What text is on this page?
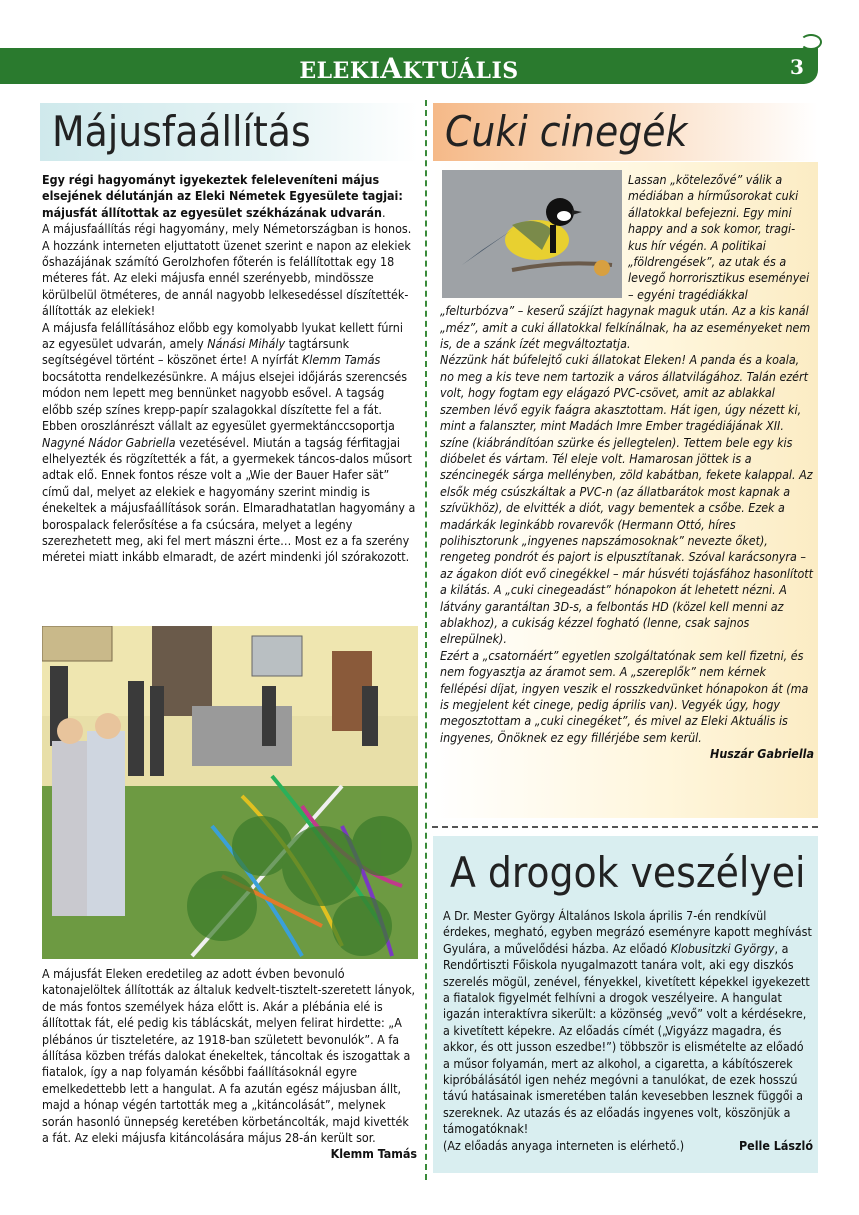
ELEKIAKTUÁLIS	3
Májusfaállítás

Egy régi hagyományt igyekeztek feleleveníteni május elsejének délutánján az Eleki Németek Egyesülete tagjai: májusfát állítottak az egyesület székházának udvarán.

A májusfaállítás régi hagyomány, mely Németországban is honos. A hozzánk interneten eljuttatott üzenet szerint e napon az elekiek őshazájának számító Gerolzhofen főterén is felállítottak egy 18 méteres fát. Az eleki májusfa ennél szerényebb, mindössze körülbelül ötméteres, de annál nagyobb lelkesedéssel díszítették- állították az elekiek!

A májusfa felállításához előbb egy komolyabb lyukat kellett fúrni az egyesület udvarán, amely Nánási Mihály tagtársunk segítségével történt – köszönet érte! A nyírfát Klemm Tamás bocsátotta rendelkezésünkre. A május elsejei időjárás szerencsés módon nem lepett meg bennünket nagyobb esővel. A tagság előbb szép színes krepp-papír szalagokkal díszítette fel a fát. Ebben oroszlánrészt vállalt az egyesület gyermektánccsoportja Nagyné Nádor Gabriella vezetésével. Miután a tagság férfitagjai elhelyezték és rögzítették a fát, a gyermekek táncos-dalos műsort adtak elő. Ennek fontos része volt a „Wie der Bauer Hafer sät” című dal, melyet az elekiek e hagyomány szerint mindig is énekeltek a májusfaállítások során. Elmaradhatatlan hagyomány a borospalack felerősítése a fa csúcsára, melyet a legény szerezhetett meg, aki fel mert mászni érte… Most ez a fa szerény méretei miatt inkább elmaradt, de azért mindenki jól szórakozott.

A májusfát Eleken eredetileg az adott évben bevonuló katonajelöltek állították az általuk kedvelt-tisztelt-szeretett lányok, de más fontos személyek háza előtt is. Akár a plébánia elé is állítottak fát, elé pedig kis táblácskát, melyen felirat hirdette: „A plébános úr tiszteletére, az 1918-ban született bevonulók”. A fa állítása közben tréfás dalokat énekeltek, táncoltak és iszogattak a fiatalok, így a nap folyamán későbbi faállításoknál egyre emelkedettebb lett a hangulat. A fa azután egész májusban állt, majd a hónap végén tartották meg a „kitáncolását”, melynek során hasonló ünnepség keretében körbetáncolták, majd kivették a fát. Az eleki májusfa kitáncolására május 28-án került sor.
Klemm Tamás

Cuki cinegék

Lassan „kötelezővé” válik a médiában a hírműsorokat cuki állatokkal befejezni. Egy mini happy and a sok komor, tragi- kus hír végén. A politikai „földrengések”, az utak és a levegő horrorisztikus eseményei – egyéni tragédiákkal „felturbózva” – keserű szájízt hagynak maguk után. Az a kis kanál „méz”, amit a cuki állatokkal felkínálnak, ha az eseményeket nem is, de a szánk ízét megváltoztatja.

Nézzünk hát búfelejtő cuki állatokat Eleken! A panda és a koala, no meg a kis teve nem tartozik a város állatvilágához. Talán ezért volt, hogy fogtam egy elágazó PVC-csövet, amit az ablakkal szemben lévő egyik faágra akasztottam. Hát igen, úgy nézett ki, mint a falanszter, mint Madách Imre Ember tragédiájának XII. színe (kiábrándítóan szürke és jellegtelen). Tettem bele egy kis dióbelet és vártam. Tél eleje volt. Hamarosan jöttek is a széncinegék sárga mellényben, zöld kabátban, fekete kalappal. Az elsők még csúszkáltak a PVC-n (az állatbarátok most kapnak a szívükhöz), de elvitték a diót, vagy bementek a csőbe. Ezek a madárkák leginkább rovarevők (Hermann Ottó, híres polihisztorunk „ingyenes napszámosoknak” nevezte őket), rengeteg pondrót és pajort is elpusztítanak. Szóval karácsonyra – az ágakon diót evő cinegékkel – már húsvéti tojásfához hasonlított a kilátás. A „cuki cinegeadást” hónapokon át lehetett nézni. A látvány garantáltan 3D-s, a felbontás HD (közel kell menni az ablakhoz), a cukiság kézzel fogható (lenne, csak sajnos elrepülnek).

Ezért a „csatornáért” egyetlen szolgáltatónak sem kell fizetni, és nem fogyasztja az áramot sem. A „szereplők” nem kérnek fellépési díjat, ingyen veszik el rosszkedvünket hónapokon át (ma is megjelent két cinege, pedig április van). Vegyék úgy, hogy megosztottam a „cuki cinegéket”, és mivel az Eleki Aktuális is ingyenes, Önöknek ez egy fillérjébe sem kerül.

Huszár Gabriella

A drogok veszélyei

A Dr. Mester György Általános Iskola április 7-én rendkívül érdekes, megható, egyben megrázó eseményre kapott meghívást Gyulára, a művelődési házba. Az előadó Klobusitzki György, a Rendőrtiszti Főiskola nyugalmazott tanára volt, aki egy diszkós szerelés mögül, zenével, fényekkel, kivetített képekkel igyekezett a fiatalok figyelmét felhívni a drogok veszélyeire. A hangulat igazán interaktívra sikerült: a közönség „vevő” volt a kérdésekre, a kivetített képekre. Az előadás címét („Vigyázz magadra, és akkor, és ott jusson eszedbe!”) többször is elismételte az előadó a műsor folyamán, mert az alkohol, a cigaretta, a kábítószerek kipróbálásától igen nehéz megóvni a tanulókat, de ezek hosszú távú hatásainak ismeretében talán kevesebben lesznek függői a szereknek. Az utazás és az előadás ingyenes volt, köszönjük a támogatóknak!

(Az előadás anyaga interneten is elérhető.)	Pelle László
